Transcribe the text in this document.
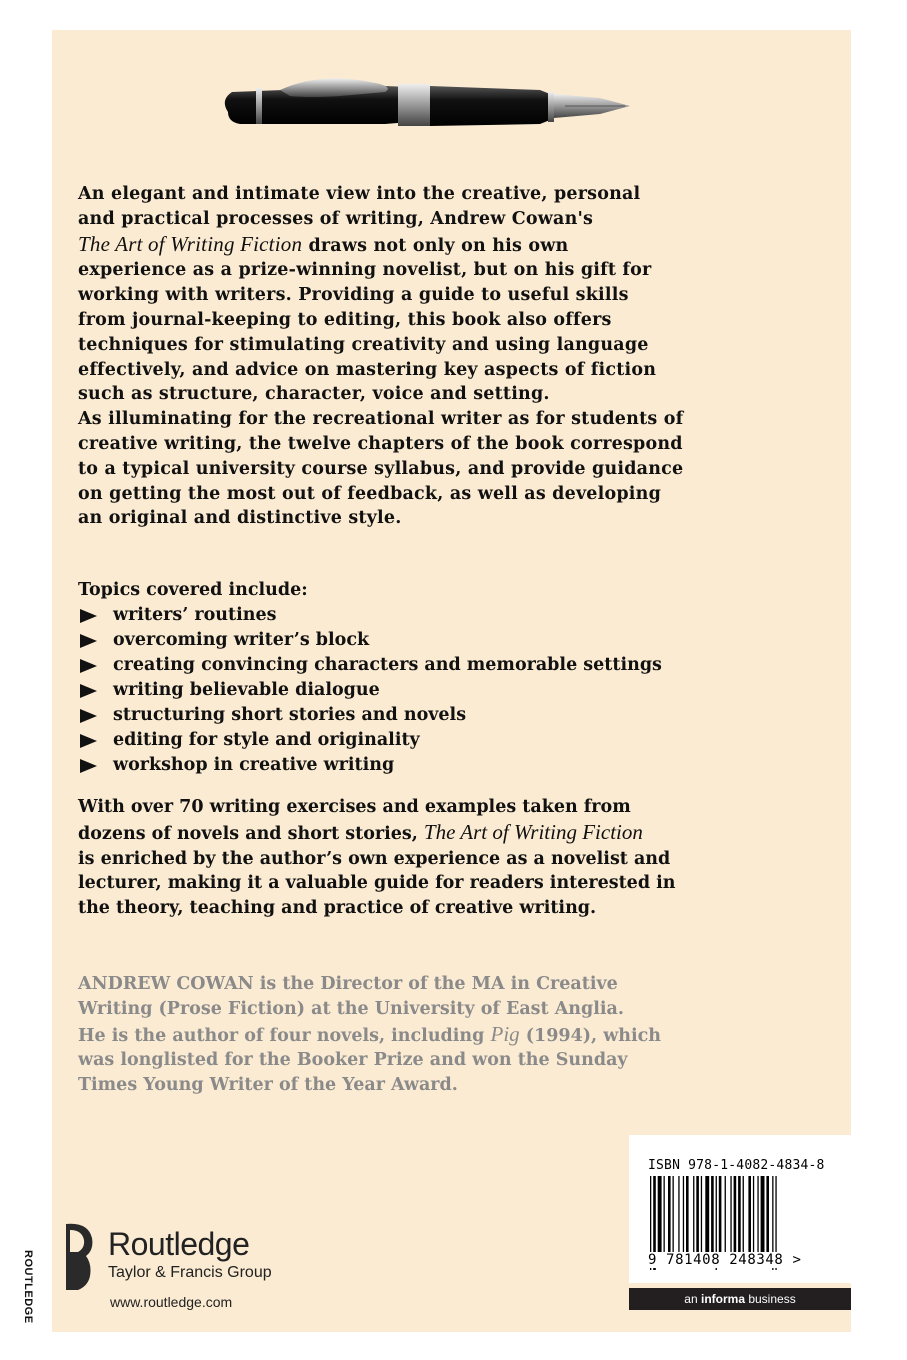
An elegant and intimate view into the creative, personal
and practical processes of writing, Andrew Cowan's
The Art of Writing Fiction draws not only on his own
experience as a prize-winning novelist, but on his gift for
working with writers. Providing a guide to useful skills
from journal-keeping to editing, this book also offers
techniques for stimulating creativity and using language
effectively, and advice on mastering key aspects of fiction
such as structure, character, voice and setting.
As illuminating for the recreational writer as for students of
creative writing, the twelve chapters of the book correspond
to a typical university course syllabus, and provide guidance
on getting the most out of feedback, as well as developing
an original and distinctive style.

Topics covered include:
writers’ routines
overcoming writer’s block
creating convincing characters and memorable settings
writing believable dialogue
structuring short stories and novels
editing for style and originality
workshop in creative writing
With over 70 writing exercises and examples taken from
dozens of novels and short stories, The Art of Writing Fiction
is enriched by the author’s own experience as a novelist and
lecturer, making it a valuable guide for readers interested in
the theory, teaching and practice of creative writing.
ANDREW COWAN is the Director of the MA in Creative
Writing (Prose Fiction) at the University of East Anglia.
He is the author of four novels, including Pig (1994), which
was longlisted for the Booker Prize and won the Sunday
Times Young Writer of the Year Award.
ISBN 978-1-4082-4834-8
9 781408 248348 >
an informa business
ROUTLEDGE
Routledge
Taylor & Francis Group
www.routledge.com
